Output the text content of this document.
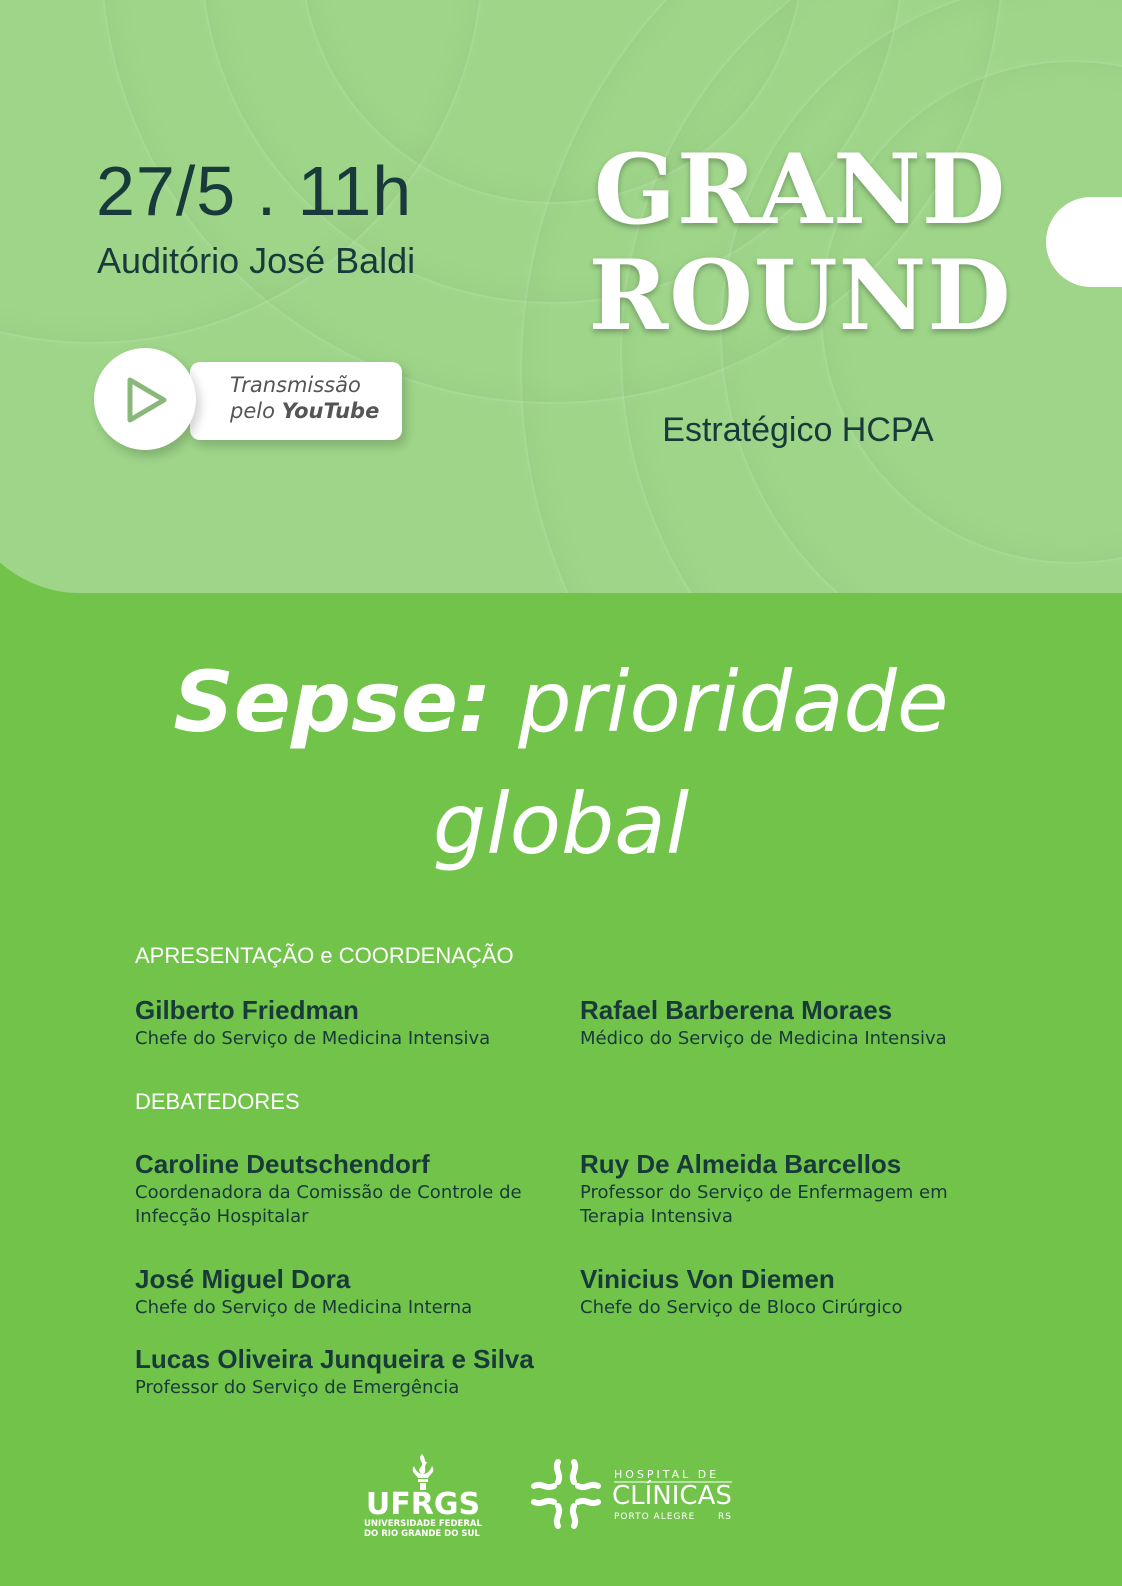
27/5 . 11h
Auditório José Baldi
Transmissão
pelo YouTube
GRAND
ROUND
Estratégico HCPA
Sepse: prioridade
global
APRESENTAÇÃO e COORDENAÇÃO
Gilberto Friedman
Chefe do Serviço de Medicina Intensiva
Rafael Barberena Moraes
Médico do Serviço de Medicina Intensiva
DEBATEDORES
Caroline Deutschendorf
Coordenadora da Comissão de Controle de Infecção Hospitalar
Ruy De Almeida Barcellos
Professor do Serviço de Enfermagem em Terapia Intensiva
José Miguel Dora
Chefe do Serviço de Medicina Interna
Vinicius Von Diemen
Chefe do Serviço de Bloco Cirúrgico
Lucas Oliveira Junqueira e Silva
Professor do Serviço de Emergência
UFRGS
UNIVERSIDADE FEDERAL
DO RIO GRANDE DO SUL
HOSPITAL DE
CLÍNICAS
PORTO ALEGRE	RS
